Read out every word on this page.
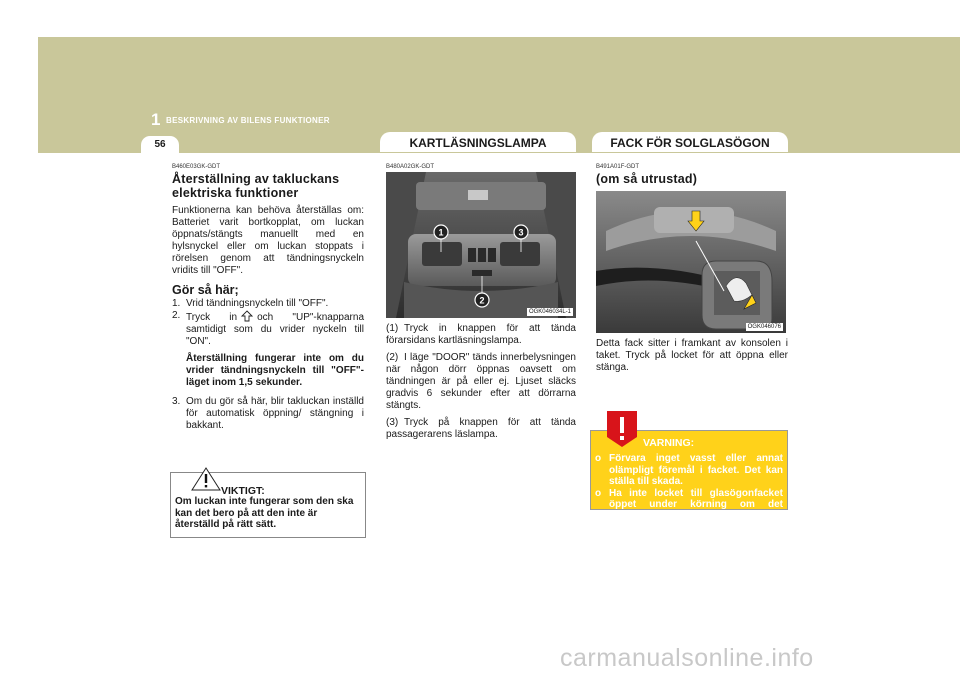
1 BESKRIVNING AV BILENS FUNKTIONER
56	KARTLÄSNINGSLAMPA	FACK FÖR SOLGLASÖGON
B460E03GK-GDT
Återställning av takluckans elektriska funktioner

Funktionerna kan behöva återställas om: Batteriet varit bortkopplat, om luckan öppnats/stängts manuellt med en hylsnyckel eller om luckan stoppats i rörelsen genom att tändningsnyckeln vridits till "OFF".

Gör så här;
1. Vrid tändningsnyckeln till "OFF".
2. Tryck in och "UP"-knapparna samtidigt som du vrider nyckeln till "ON".
Återställning fungerar inte om du vrider tändningsnyckeln till "OFF"-läget inom 1,5 sekunder.
3. Om du gör så här, blir takluckan inställd för automatisk öppning/ stängning i bakkant.
VIKTIGT:
Om luckan inte fungerar som den ska kan det bero på att den inte är återställd på rätt sätt.
B480A02GK-GDT
1	3
2
OGK046034L-1

(1) Tryck in knappen för att tända förarsidans kartläsningslampa.

(2) I läge "DOOR" tänds innerbelysningen när någon dörr öppnas oavsett om tändningen är på eller ej. Ljuset släcks gradvis 6 sekunder efter att dörrarna stängts.

(3) Tryck på knappen för att tända passagerarens läslampa.

B491A01F-GDT
(om så utrustad)
OGK046076

Detta fack sitter i framkant av konsolen i taket. Tryck på locket för att öppna eller stänga.

VARNING:
o Förvara inget vasst eller annat olämpligt föremål i facket. Det kan ställa till skada.
o Ha inte locket till glasögonfacket öppet under körning om det skymmer den inre backspegeln.
carmanualsonline.info
